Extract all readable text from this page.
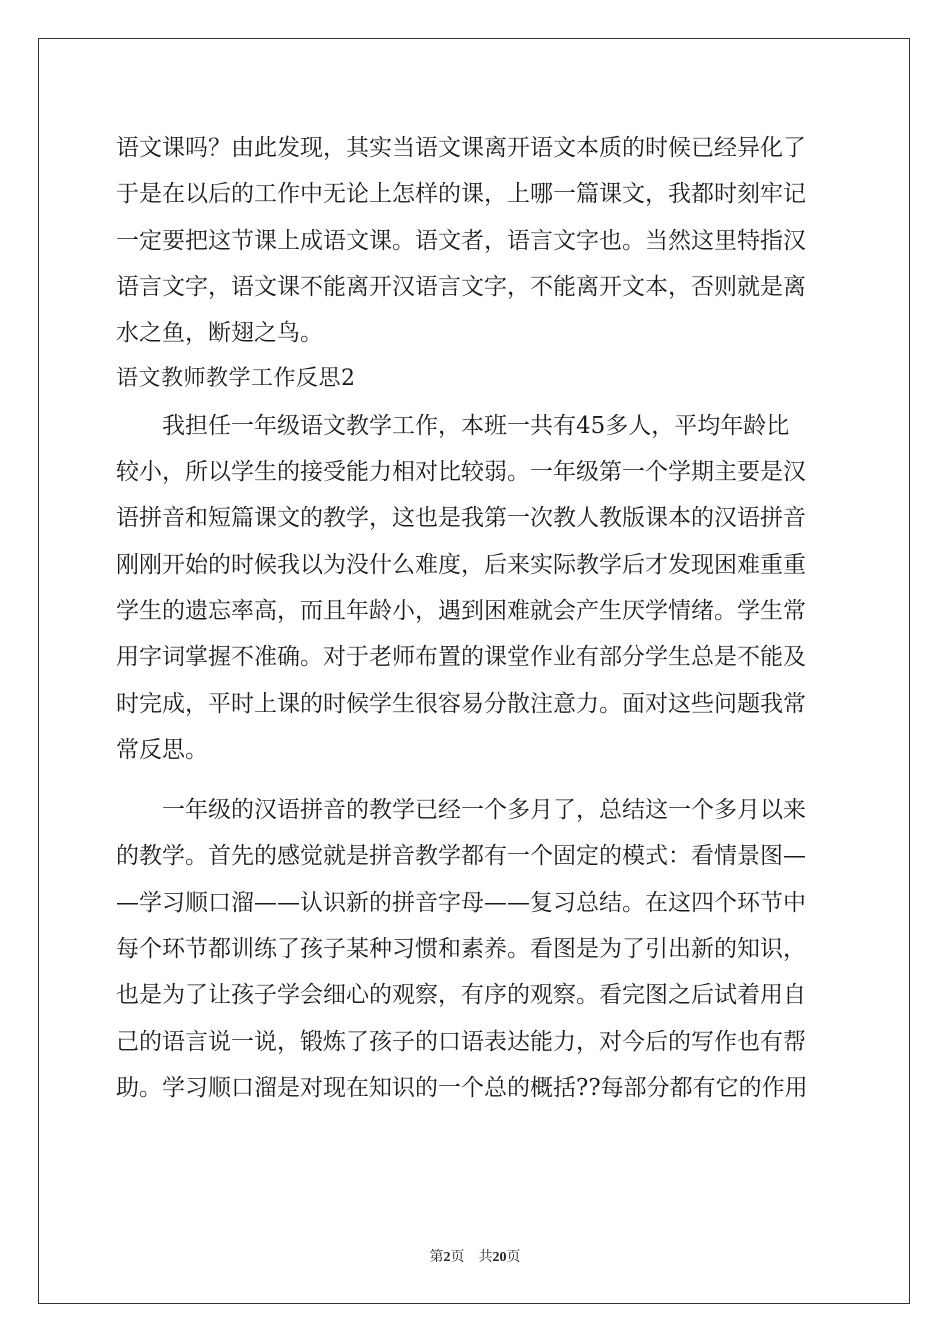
语文课吗？由此发现，其实当语文课离开语文本质的时候已经异化了
于是在以后的工作中无论上怎样的课，上哪一篇课文，我都时刻牢记
一定要把这节课上成语文课。语文者，语言文字也。当然这里特指汉
语言文字，语文课不能离开汉语言文字，不能离开文本，否则就是离
水之鱼，断翅之鸟。
语文教师教学工作反思2
我担任一年级语文教学工作，本班一共有45多人，平均年龄比
较小，所以学生的接受能力相对比较弱。一年级第一个学期主要是汉
语拼音和短篇课文的教学，这也是我第一次教人教版课本的汉语拼音
刚刚开始的时候我以为没什么难度，后来实际教学后才发现困难重重
学生的遗忘率高，而且年龄小，遇到困难就会产生厌学情绪。学生常
用字词掌握不准确。对于老师布置的课堂作业有部分学生总是不能及
时完成，平时上课的时候学生很容易分散注意力。面对这些问题我常
常反思。
一年级的汉语拼音的教学已经一个多月了，总结这一个多月以来
的教学。首先的感觉就是拼音教学都有一个固定的模式：看情景图—
—学习顺口溜——认识新的拼音字母——复习总结。在这四个环节中
每个环节都训练了孩子某种习惯和素养。看图是为了引出新的知识，
也是为了让孩子学会细心的观察，有序的观察。看完图之后试着用自
己的语言说一说，锻炼了孩子的口语表达能力，对今后的写作也有帮
助。学习顺口溜是对现在知识的一个总的概括??每部分都有它的作用
第2页　共20页
